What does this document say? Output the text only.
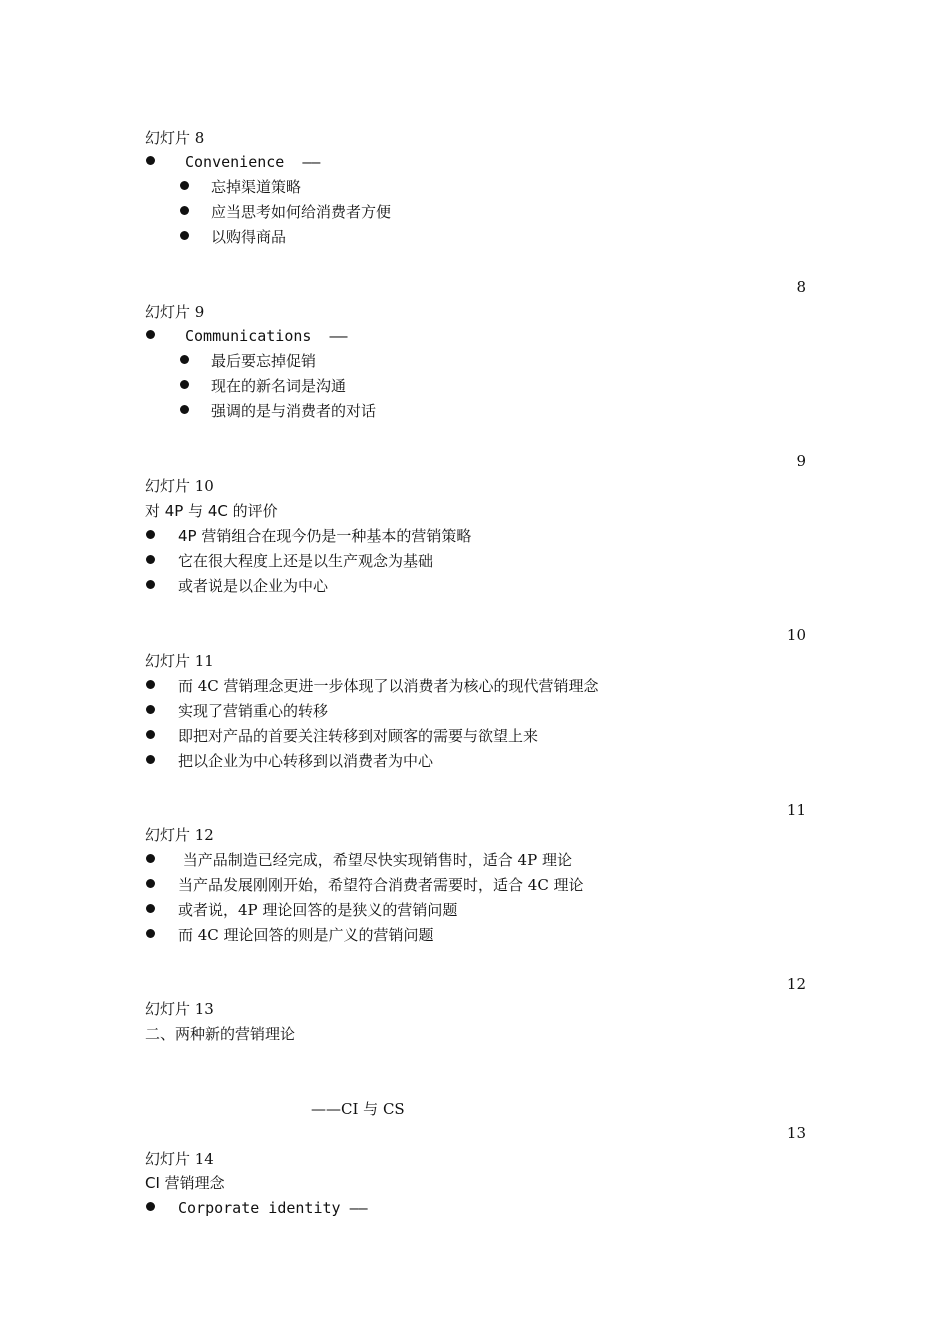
幻灯片 8
Convenience  ——
忘掉渠道策略
应当思考如何给消费者方便
以购得商品
8
幻灯片 9
Communications  ——
最后要忘掉促销
现在的新名词是沟通
强调的是与消费者的对话
9
幻灯片 10
对 4P 与 4C 的评价
4P 营销组合在现今仍是一种基本的营销策略
它在很大程度上还是以生产观念为基础
或者说是以企业为中心
10
幻灯片 11
而 4C 营销理念更进一步体现了以消费者为核心的现代营销理念
实现了营销重心的转移
即把对产品的首要关注转移到对顾客的需要与欲望上来
把以企业为中心转移到以消费者为中心
11
幻灯片 12
当产品制造已经完成，希望尽快实现销售时，适合 4P 理论
当产品发展刚刚开始，希望符合消费者需要时，适合 4C 理论
或者说，4P 理论回答的是狭义的营销问题
而 4C 理论回答的则是广义的营销问题
12
幻灯片 13
二、两种新的营销理论
——CI 与 CS
13
幻灯片 14
CI 营销理念
Corporate identity ——
